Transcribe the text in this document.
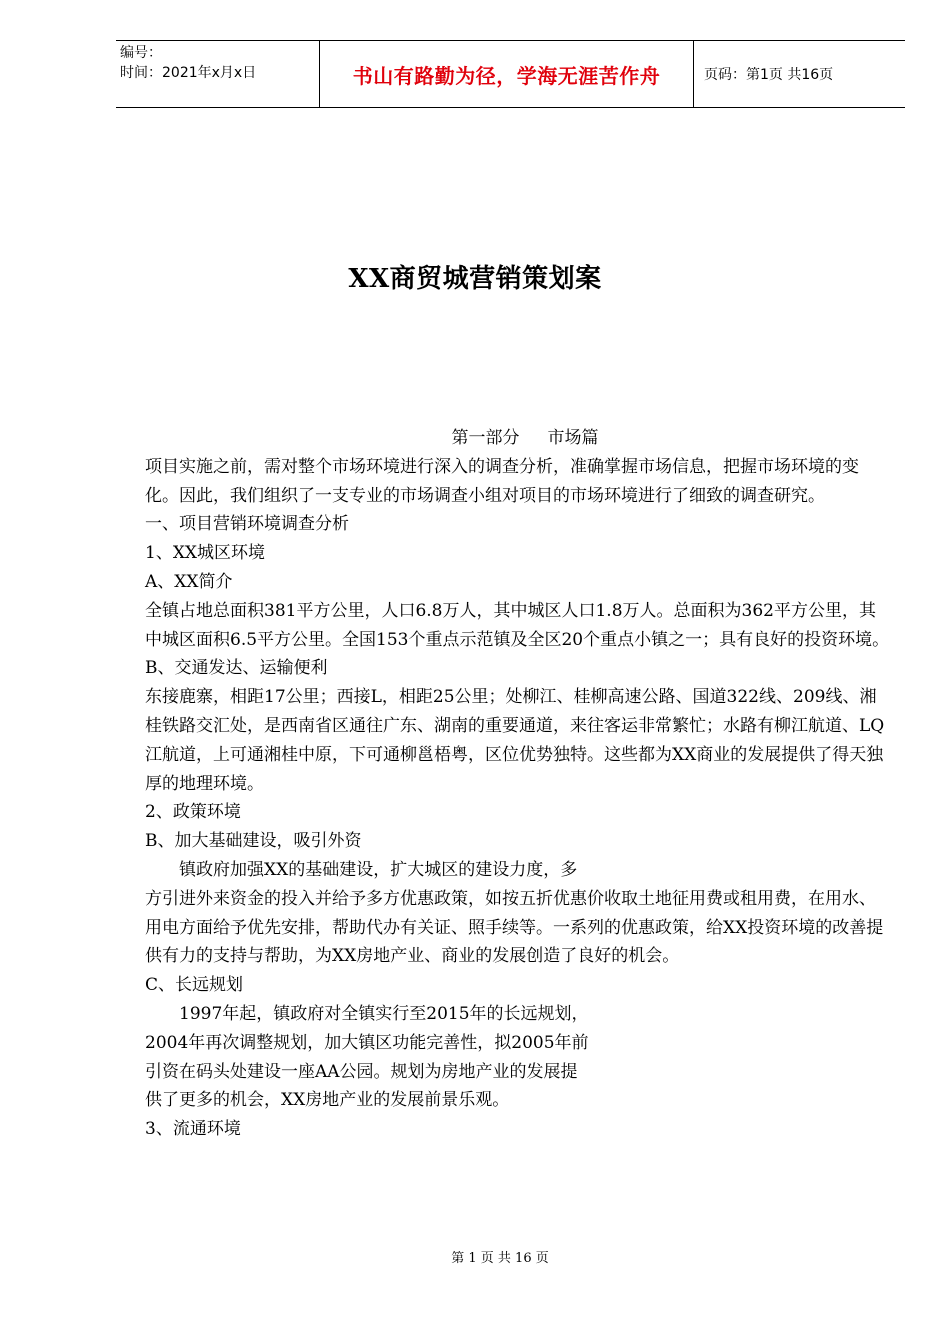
编号：
时间：2021年x月x日	书山有路勤为径，学海无涯苦作舟	页码：第1页 共16页
XX商贸城营销策划案

第一部分 市场篇

项目实施之前，需对整个市场环境进行深入的调查分析，准确掌握市场信息，把握市场环境的变化。因此，我们组织了一支专业的市场调查小组对项目的市场环境进行了细致的调查研究。

一、项目营销环境调查分析

1、XX城区环境

A、XX简介

全镇占地总面积381平方公里，人口6.8万人，其中城区人口1.8万人。总面积为362平方公里，其中城区面积6.5平方公里。全国153个重点示范镇及全区20个重点小镇之一；具有良好的投资环境。

B、交通发达、运输便利

东接鹿寨，相距17公里；西接L，相距25公里；处柳江、桂柳高速公路、国道322线、209线、湘桂铁路交汇处，是西南省区通往广东、湖南的重要通道，来往客运非常繁忙；水路有柳江航道、LQ江航道，上可通湘桂中原，下可通柳邕梧粤，区位优势独特。这些都为XX商业的发展提供了得天独厚的地理环境。

2、政策环境

B、加大基础建设，吸引外资

镇政府加强XX的基础建设，扩大城区的建设力度，多

方引进外来资金的投入并给予多方优惠政策，如按五折优惠价收取土地征用费或租用费，在用水、用电方面给予优先安排，帮助代办有关证、照手续等。一系列的优惠政策，给XX投资环境的改善提供有力的支持与帮助，为XX房地产业、商业的发展创造了良好的机会。

C、长远规划

1997年起，镇政府对全镇实行至2015年的长远规划，

2004年再次调整规划，加大镇区功能完善性，拟2005年前

引资在码头处建设一座AA公园。规划为房地产业的发展提

供了更多的机会，XX房地产业的发展前景乐观。

3、流通环境

第 1 页 共 16 页
